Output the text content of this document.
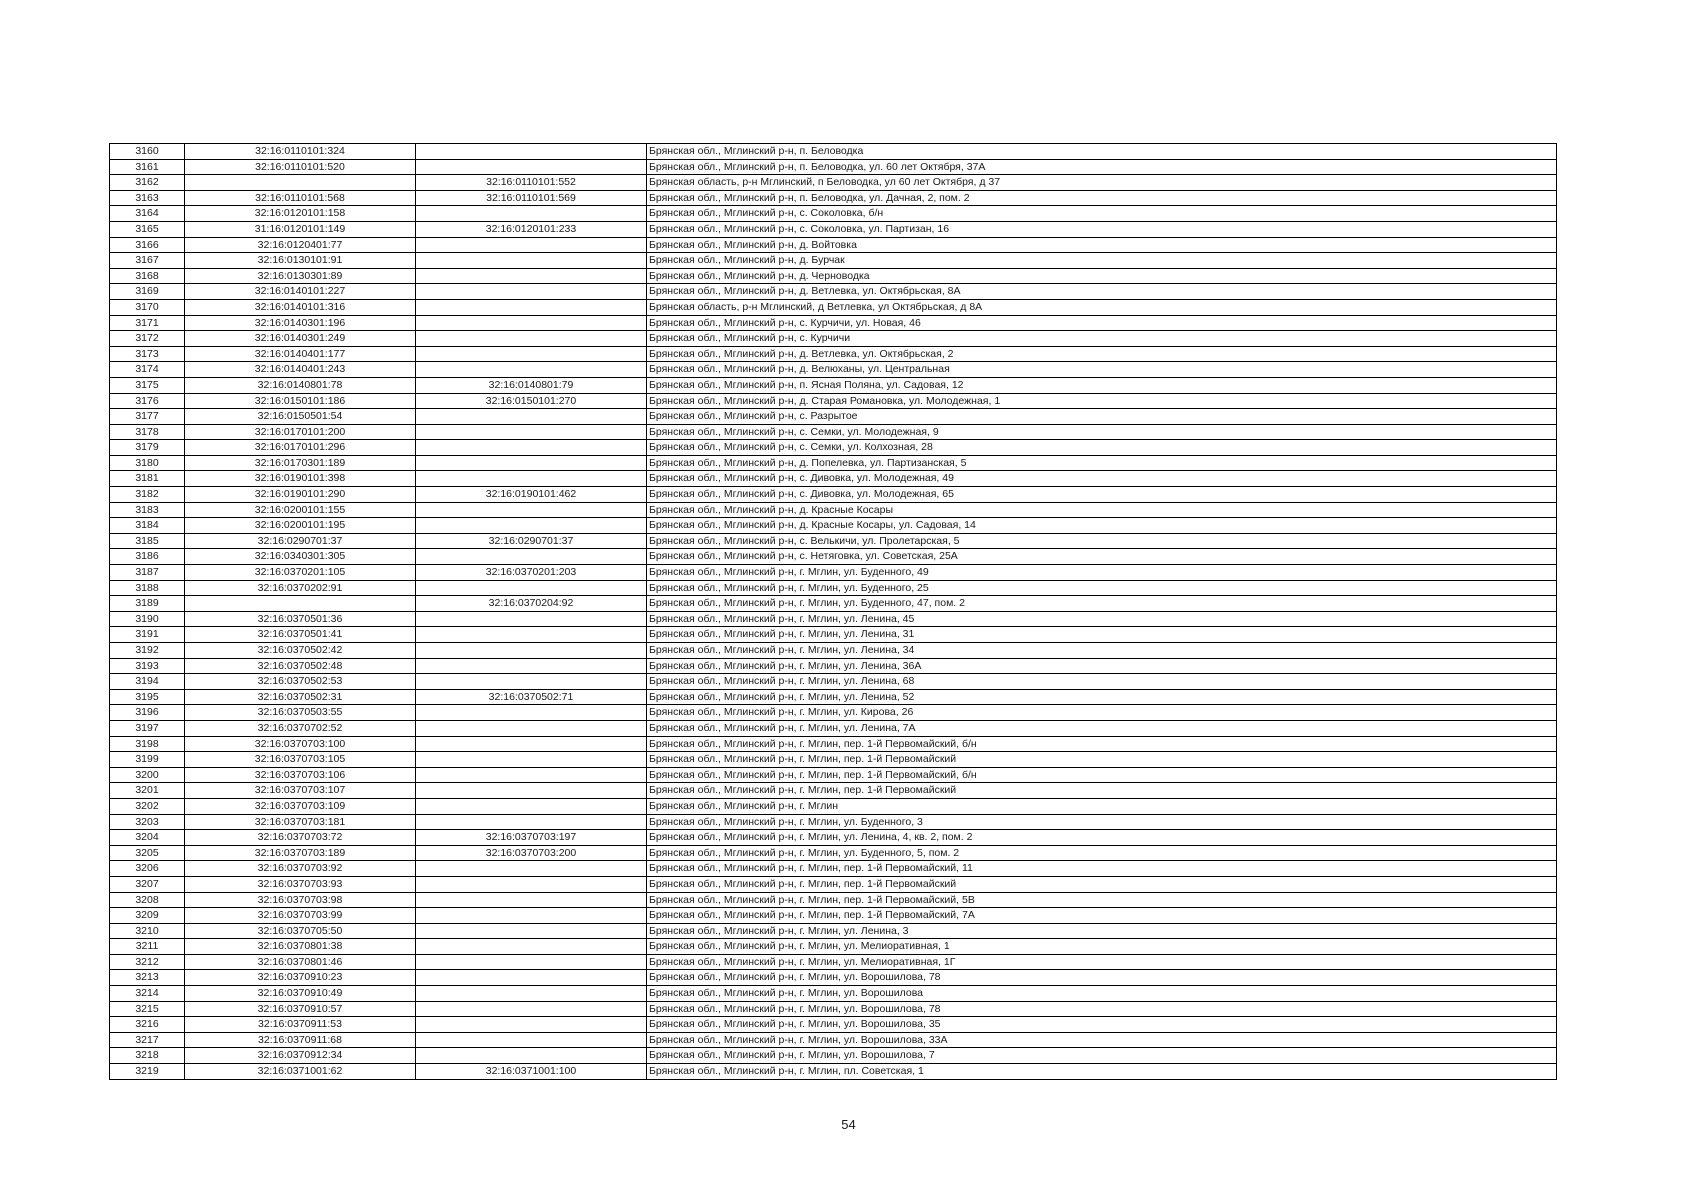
3160	32:16:0110101:324		Брянская обл., Мглинский р-н, п. Беловодка
3161	32:16:0110101:520		Брянская обл., Мглинский р-н, п. Беловодка, ул. 60 лет Октября, 37А
3162		32:16:0110101:552	Брянская область, р-н Мглинский, п Беловодка, ул 60 лет Октября, д 37
3163	32:16:0110101:568	32:16:0110101:569	Брянская обл., Мглинский р-н, п. Беловодка, ул. Дачная, 2, пом. 2
3164	32:16:0120101:158		Брянская обл., Мглинский р-н, с. Соколовка, б/н
3165	31:16:0120101:149	32:16:0120101:233	Брянская обл., Мглинский р-н, с. Соколовка, ул. Партизан, 16
3166	32:16:0120401:77		Брянская обл., Мглинский р-н, д. Войтовка
3167	32:16:0130101:91		Брянская обл., Мглинский р-н, д. Бурчак
3168	32:16:0130301:89		Брянская обл., Мглинский р-н, д. Черноводка
3169	32:16:0140101:227		Брянская обл., Мглинский р-н, д. Ветлевка, ул. Октябрьская, 8А
3170	32:16:0140101:316		Брянская область, р-н Мглинский, д Ветлевка, ул Октябрьская, д 8А
3171	32:16:0140301:196		Брянская обл., Мглинский р-н, с. Курчичи, ул. Новая, 46
3172	32:16:0140301:249		Брянская обл., Мглинский р-н, с. Курчичи
3173	32:16:0140401:177		Брянская обл., Мглинский р-н, д. Ветлевка, ул. Октябрьская, 2
3174	32:16:0140401:243		Брянская обл., Мглинский р-н, д. Велюханы, ул. Центральная
3175	32:16:0140801:78	32:16:0140801:79	Брянская обл., Мглинский р-н, п. Ясная Поляна, ул. Садовая, 12
3176	32:16:0150101:186	32:16:0150101:270	Брянская обл., Мглинский р-н, д. Старая Романовка, ул. Молодежная, 1
3177	32:16:0150501:54		Брянская обл., Мглинский р-н, с. Разрытое
3178	32:16:0170101:200		Брянская обл., Мглинский р-н, с. Семки, ул. Молодежная, 9
3179	32:16:0170101:296		Брянская обл., Мглинский р-н, с. Семки, ул. Колхозная, 28
3180	32:16:0170301:189		Брянская обл., Мглинский р-н, д. Попелевка, ул. Партизанская, 5
3181	32:16:0190101:398		Брянская обл., Мглинский р-н, с. Дивовка, ул. Молодежная, 49
3182	32:16:0190101:290	32:16:0190101:462	Брянская обл., Мглинский р-н, с. Дивовка, ул. Молодежная, 65
3183	32:16:0200101:155		Брянская обл., Мглинский р-н, д. Красные Косары
3184	32:16:0200101:195		Брянская обл., Мглинский р-н, д. Красные Косары, ул. Садовая, 14
3185	32:16:0290701:37	32:16:0290701:37	Брянская обл., Мглинский р-н, с. Велькичи, ул. Пролетарская, 5
3186	32:16:0340301:305		Брянская обл., Мглинский р-н, с. Нетяговка, ул. Советская, 25А
3187	32:16:0370201:105	32:16:0370201:203	Брянская обл., Мглинский р-н, г. Мглин, ул. Буденного, 49
3188	32:16:0370202:91		Брянская обл., Мглинский р-н, г. Мглин, ул. Буденного, 25
3189		32:16:0370204:92	Брянская обл., Мглинский р-н, г. Мглин, ул. Буденного, 47, пом. 2
3190	32:16:0370501:36		Брянская обл., Мглинский р-н, г. Мглин, ул. Ленина, 45
3191	32:16:0370501:41		Брянская обл., Мглинский р-н, г. Мглин, ул. Ленина, 31
3192	32:16:0370502:42		Брянская обл., Мглинский р-н, г. Мглин, ул. Ленина, 34
3193	32:16:0370502:48		Брянская обл., Мглинский р-н, г. Мглин, ул. Ленина, 36А
3194	32:16:0370502:53		Брянская обл., Мглинский р-н, г. Мглин, ул. Ленина, 68
3195	32:16:0370502:31	32:16:0370502:71	Брянская обл., Мглинский р-н, г. Мглин, ул. Ленина, 52
3196	32:16:0370503:55		Брянская обл., Мглинский р-н, г. Мглин, ул. Кирова, 26
3197	32:16:0370702:52		Брянская обл., Мглинский р-н, г. Мглин, ул. Ленина, 7А
3198	32:16:0370703:100		Брянская обл., Мглинский р-н, г. Мглин, пер. 1-й Первомайский, б/н
3199	32:16:0370703:105		Брянская обл., Мглинский р-н, г. Мглин, пер. 1-й Первомайский
3200	32:16:0370703:106		Брянская обл., Мглинский р-н, г. Мглин, пер. 1-й Первомайский, б/н
3201	32:16:0370703:107		Брянская обл., Мглинский р-н, г. Мглин, пер. 1-й Первомайский
3202	32:16:0370703:109		Брянская обл., Мглинский р-н, г. Мглин
3203	32:16:0370703:181		Брянская обл., Мглинский р-н, г. Мглин, ул. Буденного, 3
3204	32:16:0370703:72	32:16:0370703:197	Брянская обл., Мглинский р-н, г. Мглин, ул. Ленина, 4, кв. 2, пом. 2
3205	32:16:0370703:189	32:16:0370703:200	Брянская обл., Мглинский р-н, г. Мглин, ул. Буденного, 5, пом. 2
3206	32:16:0370703:92		Брянская обл., Мглинский р-н, г. Мглин, пер. 1-й Первомайский, 11
3207	32:16:0370703:93		Брянская обл., Мглинский р-н, г. Мглин, пер. 1-й Первомайский
3208	32:16:0370703:98		Брянская обл., Мглинский р-н, г. Мглин, пер. 1-й Первомайский, 5В
3209	32:16:0370703:99		Брянская обл., Мглинский р-н, г. Мглин, пер. 1-й Первомайский, 7А
3210	32:16:0370705:50		Брянская обл., Мглинский р-н, г. Мглин, ул. Ленина, 3
3211	32:16:0370801:38		Брянская обл., Мглинский р-н, г. Мглин, ул. Мелиоративная, 1
3212	32:16:0370801:46		Брянская обл., Мглинский р-н, г. Мглин, ул. Мелиоративная, 1Г
3213	32:16:0370910:23		Брянская обл., Мглинский р-н, г. Мглин, ул. Ворошилова, 78
3214	32:16:0370910:49		Брянская обл., Мглинский р-н, г. Мглин, ул. Ворошилова
3215	32:16:0370910:57		Брянская обл., Мглинский р-н, г. Мглин, ул. Ворошилова, 78
3216	32:16:0370911:53		Брянская обл., Мглинский р-н, г. Мглин, ул. Ворошилова, 35
3217	32:16:0370911:68		Брянская обл., Мглинский р-н, г. Мглин, ул. Ворошилова, 33А
3218	32:16:0370912:34		Брянская обл., Мглинский р-н, г. Мглин, ул. Ворошилова, 7
3219	32:16:0371001:62	32:16:0371001:100	Брянская обл., Мглинский р-н, г. Мглин, пл. Советская, 1
54
